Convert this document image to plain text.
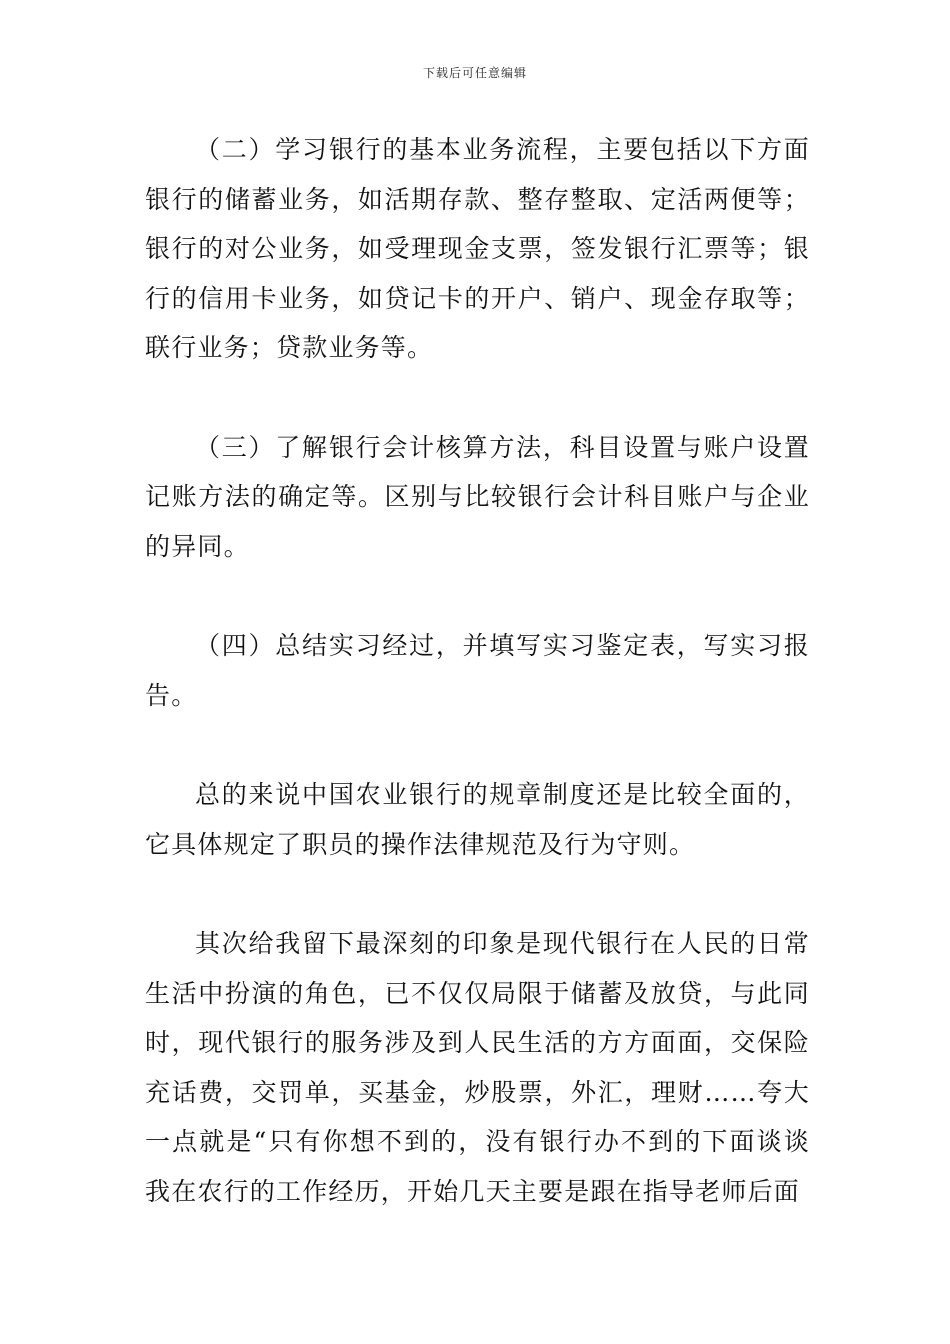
下载后可任意编辑

（二）学习银行的基本业务流程，主要包括以下方面银行的储蓄业务，如活期存款、整存整取、定活两便等；银行的对公业务，如受理现金支票，签发银行汇票等；银行的信用卡业务，如贷记卡的开户、销户、现金存取等；联行业务；贷款业务等。

（三）了解银行会计核算方法，科目设置与账户设置记账方法的确定等。区别与比较银行会计科目账户与企业的异同。

（四）总结实习经过，并填写实习鉴定表，写实习报告。

总的来说中国农业银行的规章制度还是比较全面的，它具体规定了职员的操作法律规范及行为守则。

其次给我留下最深刻的印象是现代银行在人民的日常生活中扮演的角色，已不仅仅局限于储蓄及放贷，与此同时，现代银行的服务涉及到人民生活的方方面面，交保险充话费，交罚单，买基金，炒股票，外汇，理财……夸大一点就是“只有你想不到的，没有银行办不到的下面谈谈我在农行的工作经历，开始几天主要是跟在指导老师后面
